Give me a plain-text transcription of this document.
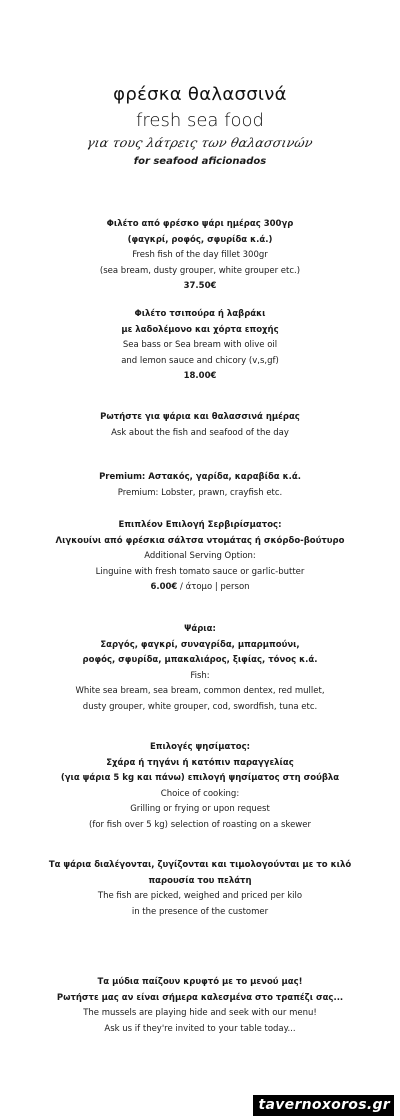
φρέσκα θαλασσινά
fresh sea food
για τους λάτρεις των θαλασσινών
for seafood aficionados
Φιλέτο από φρέσκο ψάρι ημέρας 300γρ
(φαγκρί, ροφός, σφυρίδα κ.ά.)
Fresh fish of the day fillet 300gr
(sea bream, dusty grouper, white grouper etc.)
37.50€
Φιλέτο τσιπούρα ή λαβράκι
με λαδολέμονο και χόρτα εποχής
Sea bass or Sea bream with olive oil
and lemon sauce and chicory (v,s,gf)
18.00€
Ρωτήστε για ψάρια και θαλασσινά ημέρας
Ask about the fish and seafood of the day
Premium: Αστακός, γαρίδα, καραβίδα κ.ά.
Premium: Lobster, prawn, crayfish etc.
Επιπλέον Επιλογή Σερβιρίσματος:
Λιγκουίνι από φρέσκια σάλτσα ντομάτας ή σκόρδο-βούτυρο
Additional Serving Option:
Linguine with fresh tomato sauce or garlic-butter
6.00€ / άτομο | person
Ψάρια:
Σαργός, φαγκρί, συναγρίδα, μπαρμπούνι,
ροφός, σφυρίδα, μπακαλιάρος, ξιφίας, τόνος κ.ά.
Fish:
White sea bream, sea bream, common dentex, red mullet,
dusty grouper, white grouper, cod, swordfish, tuna etc.
Επιλογές ψησίματος:
Σχάρα ή τηγάνι ή κατόπιν παραγγελίας
(για ψάρια 5 kg και πάνω) επιλογή ψησίματος στη σούβλα
Choice of cooking:
Grilling or frying or upon request
(for fish over 5 kg) selection of roasting on a skewer
Τα ψάρια διαλέγονται, ζυγίζονται και τιμολογούνται με το κιλό
παρουσία του πελάτη
The fish are picked, weighed and priced per kilo
in the presence of the customer
Τα μύδια παίζουν κρυφτό με το μενού μας!
Ρωτήστε μας αν είναι σήμερα καλεσμένα στο τραπέζι σας...
The mussels are playing hide and seek with our menu!
Ask us if they're invited to your table today...
tavernoxoros.gr
